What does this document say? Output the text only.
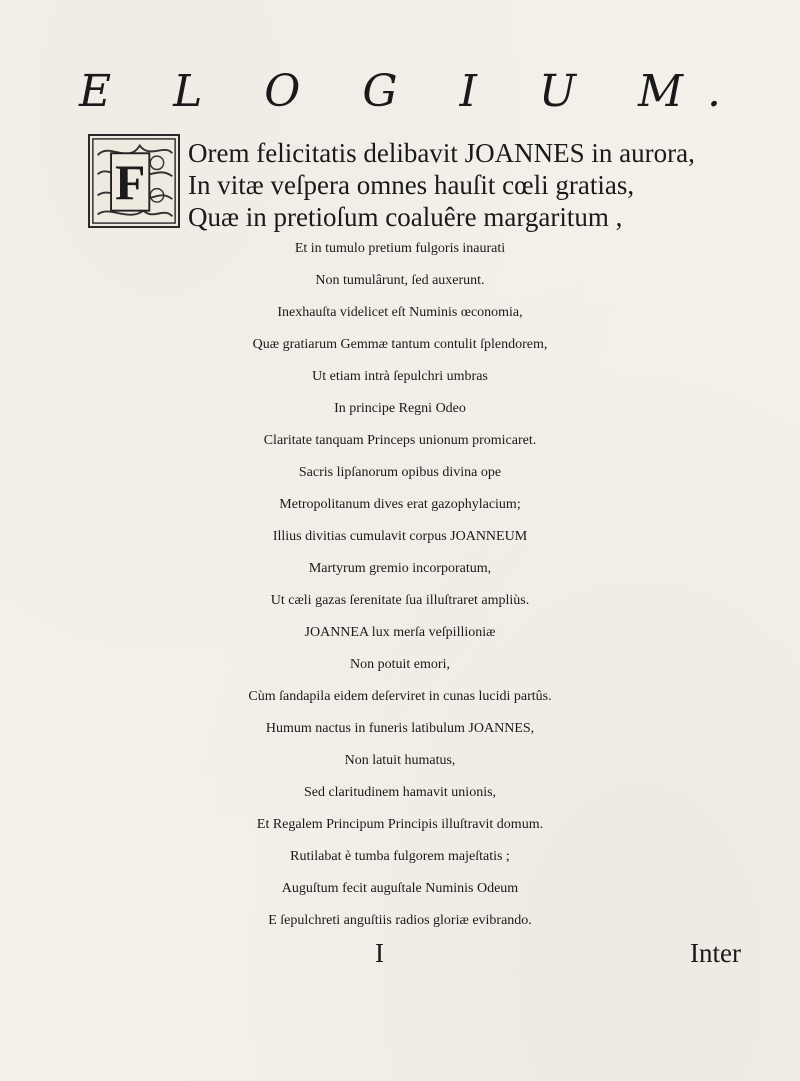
E L O G I U M.
F
Orem felicitatis delibavit JOANNES in aurora,
In vitæ veſpera omnes hauſit cœli gratias,
Quæ in pretioſum coaluêre margaritum ,
Et in tumulo pretium fulgoris inaurati
Non tumulârunt, ſed auxerunt.
Inexhauſta videlicet eſt Numinis œconomia,
Quæ gratiarum Gemmæ tantum contulit ſplendorem,
Ut etiam intrà ſepulchri umbras
In principe Regni Odeo
Claritate tanquam Princeps unionum promicaret.
Sacris lipſanorum opibus divina ope
Metropolitanum dives erat gazophylacium;
Illius divitias cumulavit corpus JOANNEUM
Martyrum gremio incorporatum,
Ut cæli gazas ſerenitate ſua illuſtraret ampliùs.
JOANNEA lux merſa veſpillioniæ
Non potuit emori,
Cùm ſandapila eidem deſerviret in cunas lucidi partûs.
Humum nactus in funeris latibulum JOANNES,
Non latuit humatus,
Sed claritudinem hamavit unionis,
Et Regalem Principum Principis illuſtravit domum.
Rutilabat è tumba fulgorem majeſtatis ;
Auguſtum fecit auguſtale Numinis Odeum
E ſepulchreti anguſtiis radios gloriæ evibrando.
I	Inter
